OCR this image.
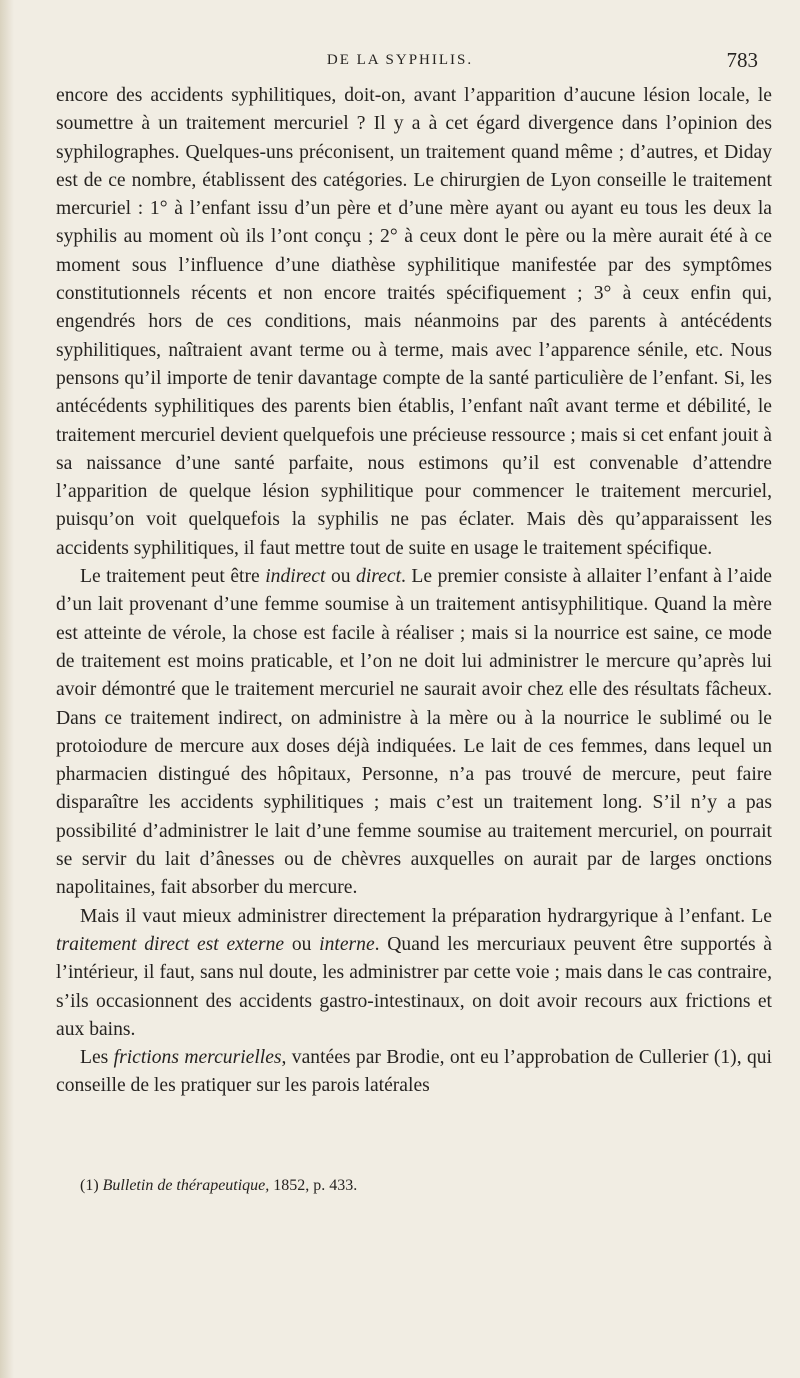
DE LA SYPHILIS.	783

encore des accidents syphilitiques, doit-on, avant l’apparition d’aucune lésion locale, le soumettre à un traitement mercuriel ? Il y a à cet égard divergence dans l’opinion des syphilographes. Quelques-uns préconisent, un traitement quand même ; d’autres, et Diday est de ce nombre, établissent des catégories. Le chirurgien de Lyon conseille le traitement mercuriel : 1° à l’enfant issu d’un père et d’une mère ayant ou ayant eu tous les deux la syphilis au moment où ils l’ont conçu ; 2° à ceux dont le père ou la mère aurait été à ce moment sous l’influence d’une diathèse syphilitique manifestée par des symptômes constitutionnels récents et non encore traités spécifiquement ; 3° à ceux enfin qui, engendrés hors de ces conditions, mais néanmoins par des parents à antécédents syphilitiques, naîtraient avant terme ou à terme, mais avec l’apparence sénile, etc. Nous pensons qu’il importe de tenir davantage compte de la santé particulière de l’enfant. Si, les antécédents syphilitiques des parents bien établis, l’enfant naît avant terme et débilité, le traitement mercuriel devient quelquefois une précieuse ressource ; mais si cet enfant jouit à sa naissance d’une santé parfaite, nous estimons qu’il est convenable d’attendre l’apparition de quelque lésion syphilitique pour commencer le traitement mercuriel, puisqu’on voit quelquefois la syphilis ne pas éclater. Mais dès qu’apparaissent les accidents syphilitiques, il faut mettre tout de suite en usage le traitement spécifique.

Le traitement peut être indirect ou direct. Le premier consiste à allaiter l’enfant à l’aide d’un lait provenant d’une femme soumise à un traitement antisyphilitique. Quand la mère est atteinte de vérole, la chose est facile à réaliser ; mais si la nourrice est saine, ce mode de traitement est moins praticable, et l’on ne doit lui administrer le mercure qu’après lui avoir démontré que le traitement mercuriel ne saurait avoir chez elle des résultats fâcheux. Dans ce traitement indirect, on administre à la mère ou à la nourrice le sublimé ou le protoiodure de mercure aux doses déjà indiquées. Le lait de ces femmes, dans lequel un pharmacien distingué des hôpitaux, Personne, n’a pas trouvé de mercure, peut faire disparaître les accidents syphilitiques ; mais c’est un traitement long. S’il n’y a pas possibilité d’administrer le lait d’une femme soumise au traitement mercuriel, on pourrait se servir du lait d’ânesses ou de chèvres auxquelles on aurait par de larges onctions napolitaines, fait absorber du mercure.

Mais il vaut mieux administrer directement la préparation hydrargyrique à l’enfant. Le traitement direct est externe ou interne. Quand les mercuriaux peuvent être supportés à l’intérieur, il faut, sans nul doute, les administrer par cette voie ; mais dans le cas contraire, s’ils occasionnent des accidents gastro-intestinaux, on doit avoir recours aux frictions et aux bains.

Les frictions mercurielles, vantées par Brodie, ont eu l’approbation de Cullerier (1), qui conseille de les pratiquer sur les parois latérales

(1) Bulletin de thérapeutique, 1852, p. 433.
